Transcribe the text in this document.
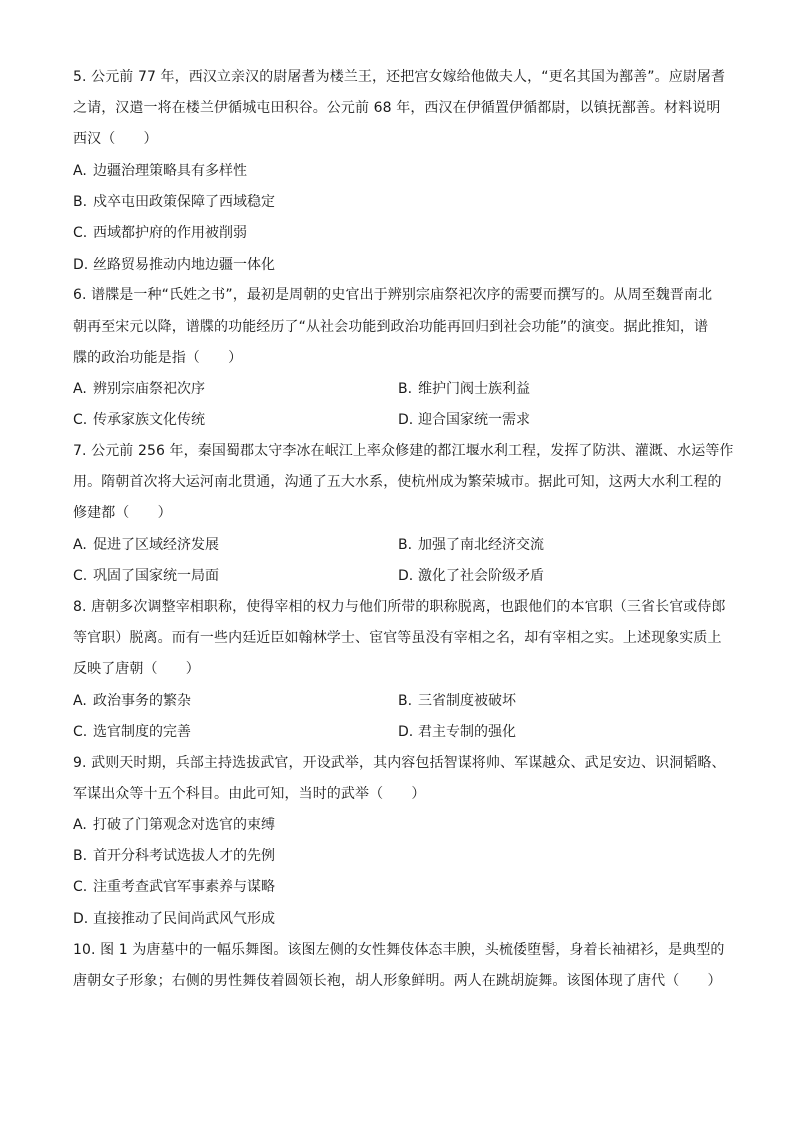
5. 公元前 77 年，西汉立亲汉的尉屠耆为楼兰王，还把宫女嫁给他做夫人，“更名其国为鄯善”。应尉屠耆
之请，汉遣一将在楼兰伊循城屯田积谷。公元前 68 年，西汉在伊循置伊循都尉，以镇抚鄯善。材料说明
西汉（　　）
A. 边疆治理策略具有多样性
B. 戍卒屯田政策保障了西域稳定
C. 西域都护府的作用被削弱
D. 丝路贸易推动内地边疆一体化
6. 谱牒是一种“氏姓之书”，最初是周朝的史官出于辨别宗庙祭祀次序的需要而撰写的。从周至魏晋南北
朝再至宋元以降，谱牒的功能经历了“从社会功能到政治功能再回归到社会功能”的演变。据此推知，谱
牒的政治功能是指（　　）
A. 辨别宗庙祭祀次序	B. 维护门阀士族利益
C. 传承家族文化传统	D. 迎合国家统一需求
7. 公元前 256 年，秦国蜀郡太守李冰在岷江上率众修建的都江堰水利工程，发挥了防洪、灌溉、水运等作
用。隋朝首次将大运河南北贯通，沟通了五大水系，使杭州成为繁荣城市。据此可知，这两大水利工程的
修建都（　　）
A. 促进了区域经济发展	B. 加强了南北经济交流
C. 巩固了国家统一局面	D. 激化了社会阶级矛盾
8. 唐朝多次调整宰相职称，使得宰相的权力与他们所带的职称脱离，也跟他们的本官职（三省长官或侍郎
等官职）脱离。而有一些内廷近臣如翰林学士、宦官等虽没有宰相之名，却有宰相之实。上述现象实质上
反映了唐朝（　　）
A. 政治事务的繁杂	B. 三省制度被破坏
C. 选官制度的完善	D. 君主专制的强化
9. 武则天时期，兵部主持选拔武官，开设武举，其内容包括智谋将帅、军谋越众、武足安边、识洞韬略、
军谋出众等十五个科目。由此可知，当时的武举（　　）
A. 打破了门第观念对选官的束缚
B. 首开分科考试选拔人才的先例
C. 注重考查武官军事素养与谋略
D. 直接推动了民间尚武风气形成
10. 图 1 为唐墓中的一幅乐舞图。该图左侧的女性舞伎体态丰腴，头梳倭堕髻，身着长袖裙衫，是典型的
唐朝女子形象；右侧的男性舞伎着圆领长袍，胡人形象鲜明。两人在跳胡旋舞。该图体现了唐代（　　）
